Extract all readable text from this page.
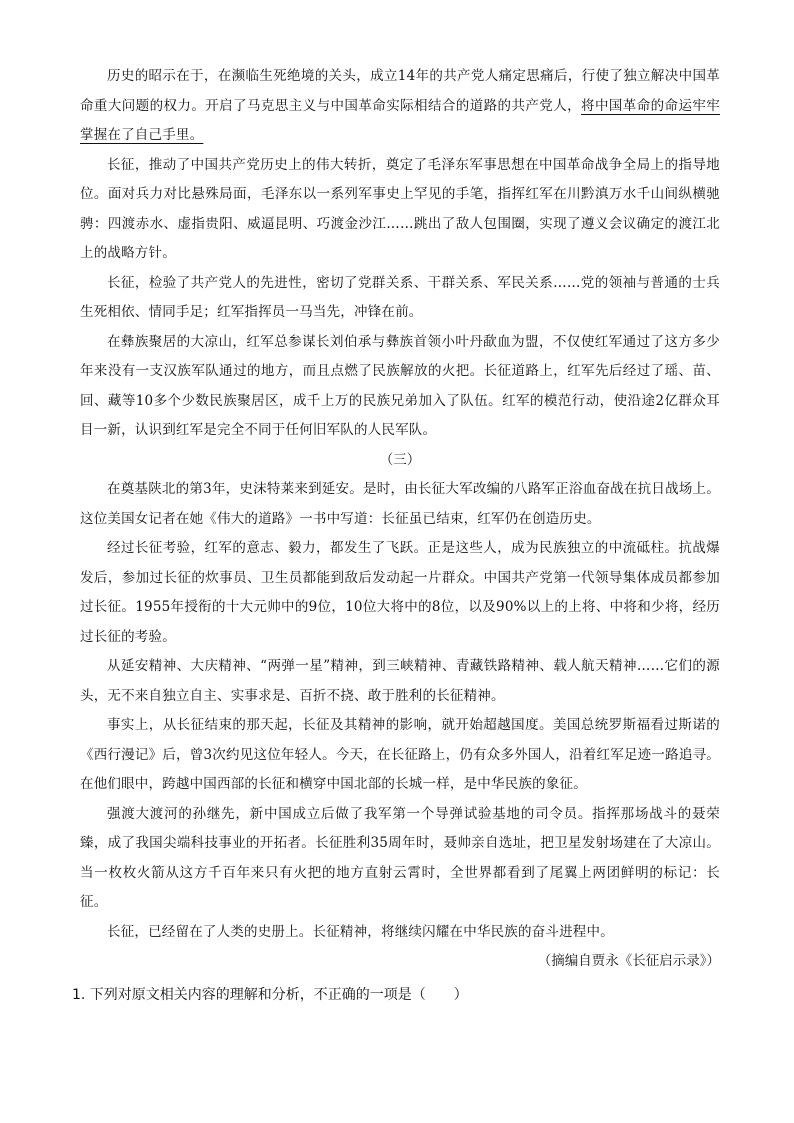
历史的昭示在于，在濒临生死绝境的关头，成立14年的共产党人痛定思痛后，行使了独立解决中国革命重大问题的权力。开启了马克思主义与中国革命实际相结合的道路的共产党人，将中国革命的命运牢牢掌握在了自己手里。

长征，推动了中国共产党历史上的伟大转折，奠定了毛泽东军事思想在中国革命战争全局上的指导地位。面对兵力对比悬殊局面，毛泽东以一系列军事史上罕见的手笔，指挥红军在川黔滇万水千山间纵横驰骋：四渡赤水、虚指贵阳、威逼昆明、巧渡金沙江……跳出了敌人包围圈，实现了遵义会议确定的渡江北上的战略方针。

长征，检验了共产党人的先进性，密切了党群关系、干群关系、军民关系……党的领袖与普通的士兵生死相依、情同手足；红军指挥员一马当先，冲锋在前。

在彝族聚居的大凉山，红军总参谋长刘伯承与彝族首领小叶丹歃血为盟，不仅使红军通过了这方多少年来没有一支汉族军队通过的地方，而且点燃了民族解放的火把。长征道路上，红军先后经过了瑶、苗、回、藏等10多个少数民族聚居区，成千上万的民族兄弟加入了队伍。红军的模范行动，使沿途2亿群众耳目一新，认识到红军是完全不同于任何旧军队的人民军队。

（三）

在奠基陕北的第3年，史沫特莱来到延安。是时，由长征大军改编的八路军正浴血奋战在抗日战场上。这位美国女记者在她《伟大的道路》一书中写道：长征虽已结束，红军仍在创造历史。

经过长征考验，红军的意志、毅力，都发生了飞跃。正是这些人，成为民族独立的中流砥柱。抗战爆发后，参加过长征的炊事员、卫生员都能到敌后发动起一片群众。中国共产党第一代领导集体成员都参加过长征。1955年授衔的十大元帅中的9位，10位大将中的8位，以及90%以上的上将、中将和少将，经历过长征的考验。

从延安精神、大庆精神、“两弹一星”精神，到三峡精神、青藏铁路精神、载人航天精神……它们的源头，无不来自独立自主、实事求是、百折不挠、敢于胜利的长征精神。

事实上，从长征结束的那天起，长征及其精神的影响，就开始超越国度。美国总统罗斯福看过斯诺的《西行漫记》后，曾3次约见这位年轻人。今天，在长征路上，仍有众多外国人，沿着红军足迹一路追寻。在他们眼中，跨越中国西部的长征和横穿中国北部的长城一样，是中华民族的象征。

强渡大渡河的孙继先，新中国成立后做了我军第一个导弹试验基地的司令员。指挥那场战斗的聂荣臻，成了我国尖端科技事业的开拓者。长征胜利35周年时，聂帅亲自选址，把卫星发射场建在了大凉山。当一枚枚火箭从这方千百年来只有火把的地方直射云霄时，全世界都看到了尾翼上两团鲜明的标记：长征。

长征，已经留在了人类的史册上。长征精神，将继续闪耀在中华民族的奋斗进程中。

（摘编自贾永《长征启示录》）

1. 下列对原文相关内容的理解和分析，不正确的一项是（　　）
